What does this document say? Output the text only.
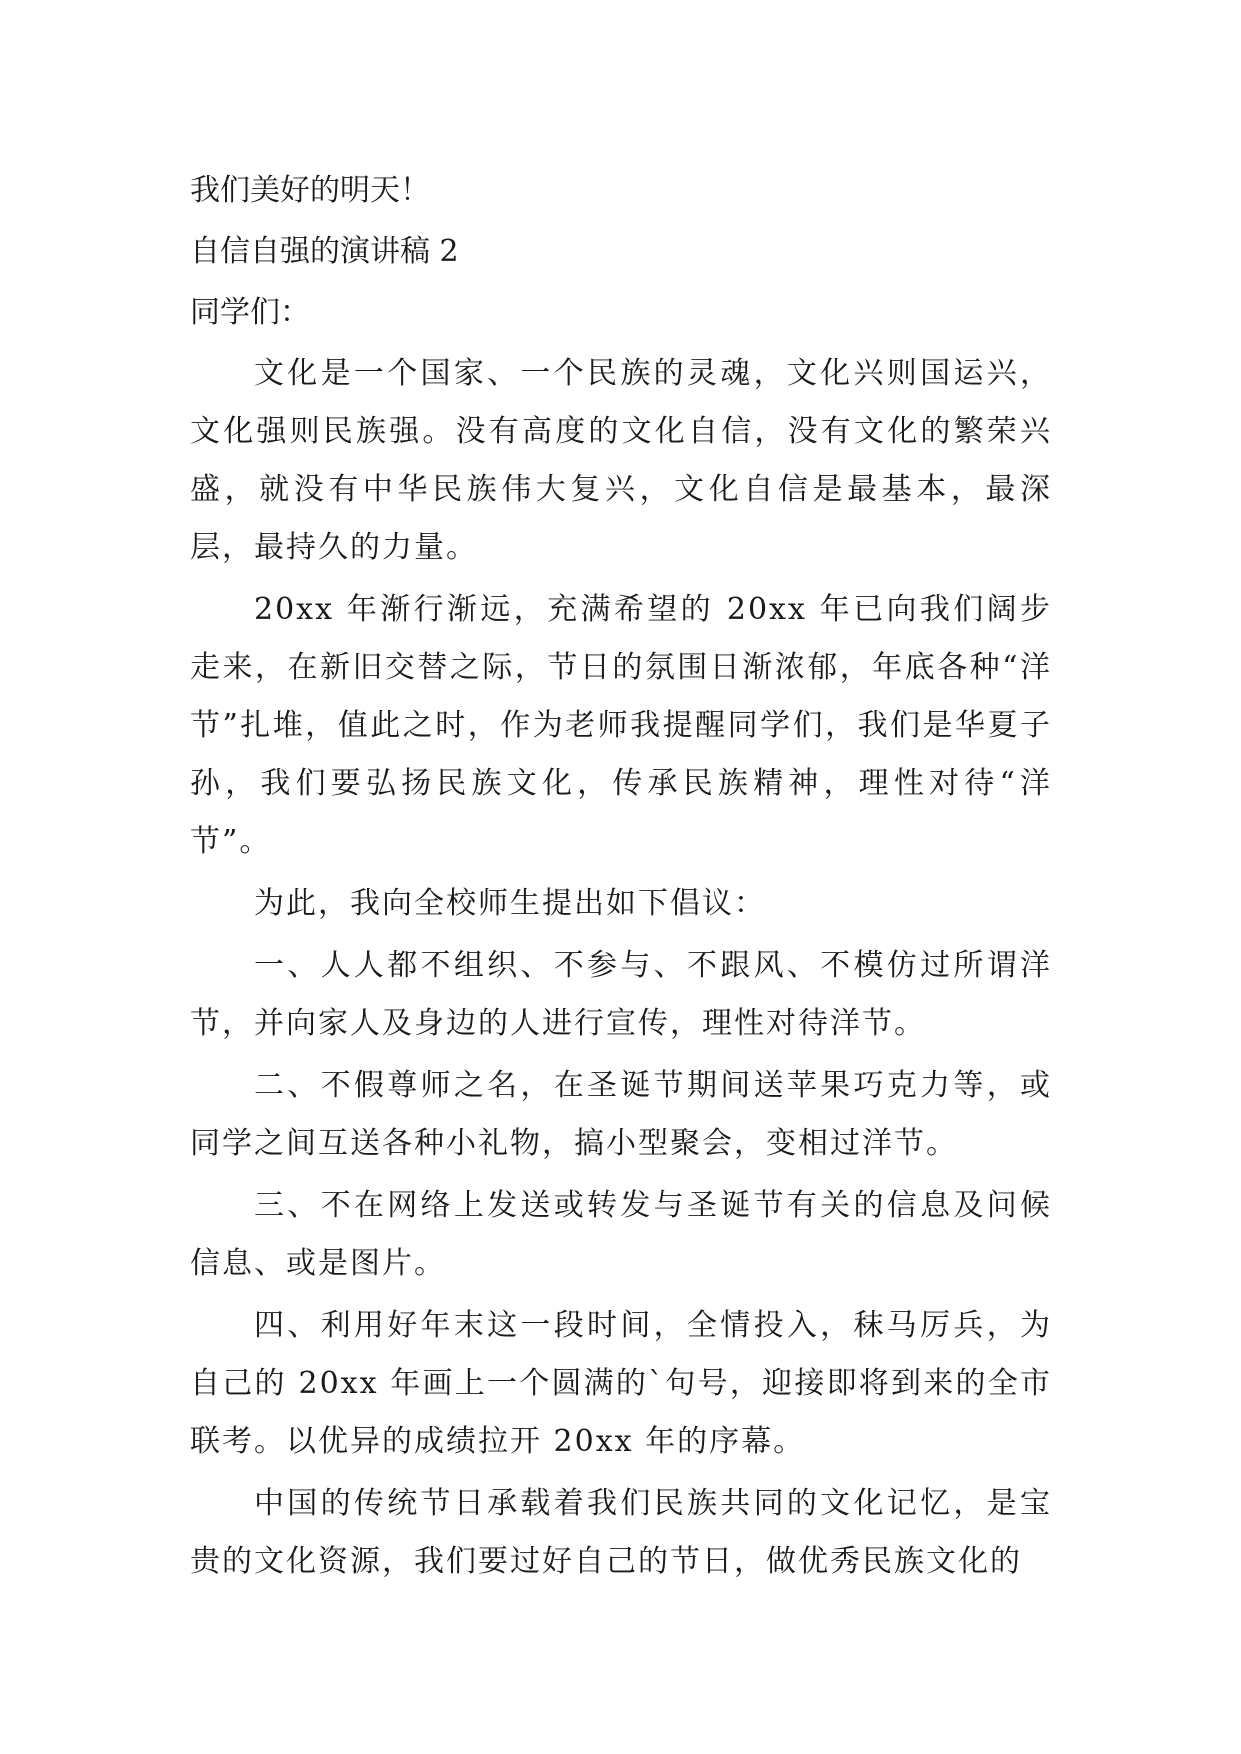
我们美好的明天！

自信自强的演讲稿 2

同学们：

文化是一个国家、一个民族的灵魂，文化兴则国运兴，文化强则民族强。没有高度的文化自信，没有文化的繁荣兴盛，就没有中华民族伟大复兴，文化自信是最基本，最深层，最持久的力量。

20xx 年渐行渐远，充满希望的 20xx 年已向我们阔步走来，在新旧交替之际，节日的氛围日渐浓郁，年底各种“洋节”扎堆，值此之时，作为老师我提醒同学们，我们是华夏子孙，我们要弘扬民族文化，传承民族精神，理性对待“洋节”。

为此，我向全校师生提出如下倡议：

一、人人都不组织、不参与、不跟风、不模仿过所谓洋节，并向家人及身边的人进行宣传，理性对待洋节。

二、不假尊师之名，在圣诞节期间送苹果巧克力等，或同学之间互送各种小礼物，搞小型聚会，变相过洋节。

三、不在网络上发送或转发与圣诞节有关的信息及问候信息、或是图片。

四、利用好年末这一段时间，全情投入，秣马厉兵，为自己的 20xx 年画上一个圆满的`句号，迎接即将到来的全市联考。以优异的成绩拉开 20xx 年的序幕。

中国的传统节日承载着我们民族共同的文化记忆，是宝贵的文化资源，我们要过好自己的节日，做优秀民族文化的
